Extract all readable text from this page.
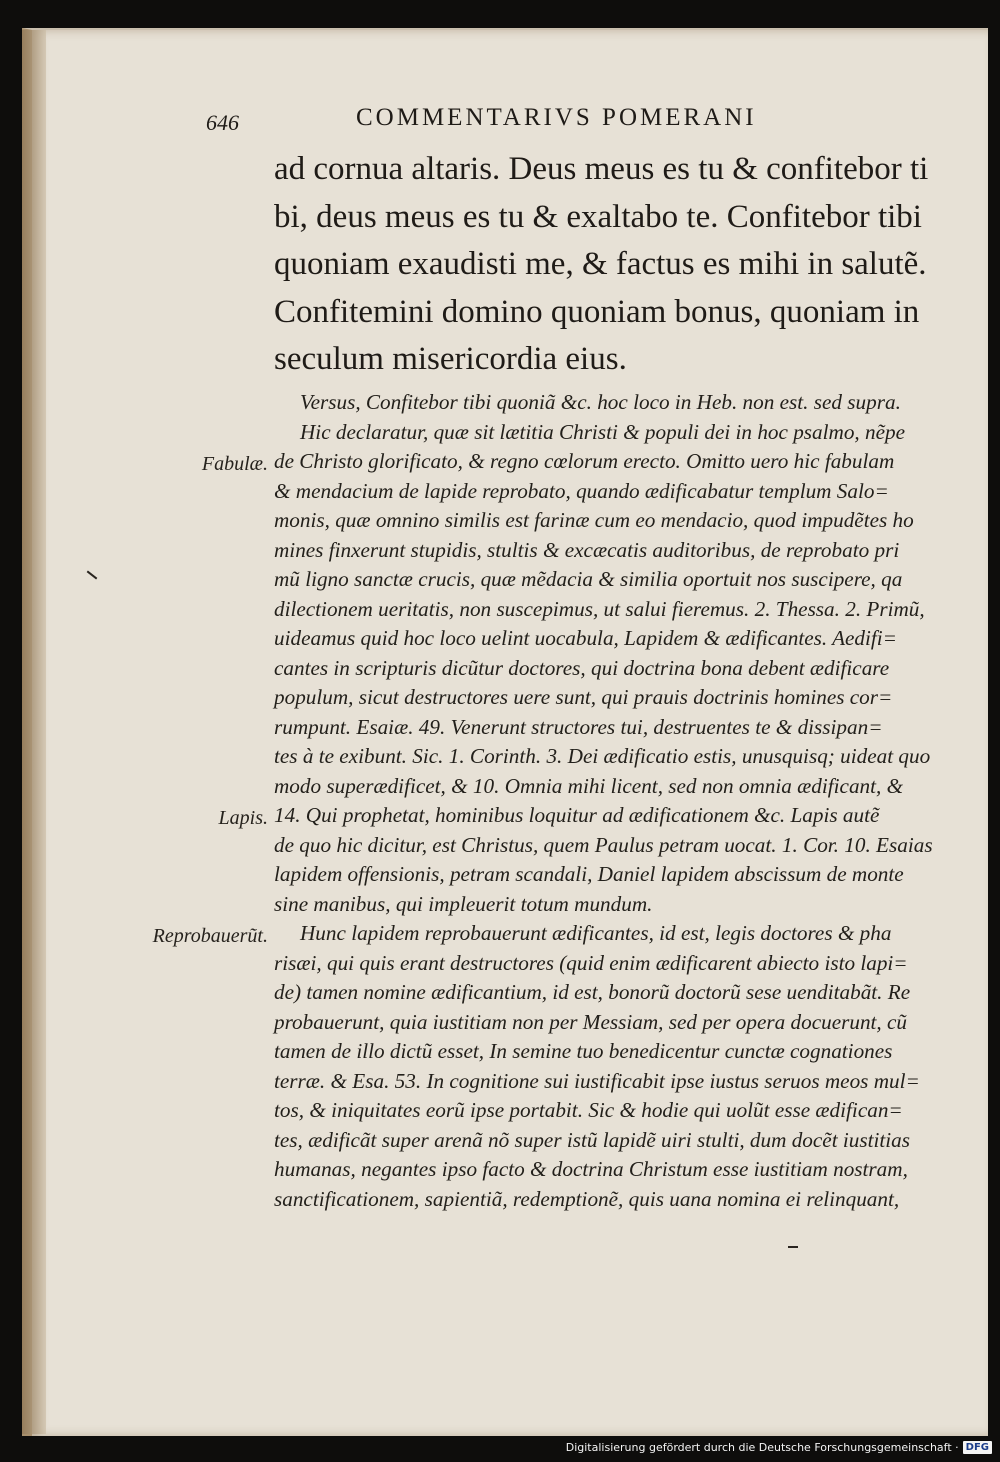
646	COMMENTARIVS POMERANI
ad cornua altaris. Deus meus es tu & confitebor ti
bi, deus meus es tu & exaltabo te. Confitebor tibi
quoniam exaudisti me, & factus es mihi in salutẽ.
Confitemini domino quoniam bonus, quoniam in
seculum misericordia eius.
Versus, Confitebor tibi quoniã &c. hoc loco in Heb. non est. sed supra.
Hic declaratur, quæ sit lætitia Christi & populi dei in hoc psalmo, nẽpe
de Christo glorificato, & regno cœlorum erecto. Omitto uero hic fabulam
& mendacium de lapide reprobato, quando ædificabatur templum Salo=
monis, quæ omnino similis est farinæ cum eo mendacio, quod impudẽtes ho
mines finxerunt stupidis, stultis & excæcatis auditoribus, de reprobato pri
mũ ligno sanctæ crucis, quæ mẽdacia & similia oportuit nos suscipere, qa
dilectionem ueritatis, non suscepimus, ut salui fieremus. 2. Thessa. 2. Primũ,
uideamus quid hoc loco uelint uocabula, Lapidem & ædificantes. Aedifi=
cantes in scripturis dicũtur doctores, qui doctrina bona debent ædificare
populum, sicut destructores uere sunt, qui prauis doctrinis homines cor=
rumpunt. Esaiæ. 49. Venerunt structores tui, destruentes te & dissipan=
tes à te exibunt. Sic. 1. Corinth. 3. Dei ædificatio estis, unusquisq; uideat quo
modo superædificet, & 10. Omnia mihi licent, sed non omnia ædificant, &
14. Qui prophetat, hominibus loquitur ad ædificationem &c. Lapis autẽ
de quo hic dicitur, est Christus, quem Paulus petram uocat. 1. Cor. 10. Esaias
lapidem offensionis, petram scandali, Daniel lapidem abscissum de monte
sine manibus, qui impleuerit totum mundum.
Hunc lapidem reprobauerunt ædificantes, id est, legis doctores & pha
risæi, qui quis erant destructores (quid enim ædificarent abiecto isto lapi=
de) tamen nomine ædificantium, id est, bonorũ doctorũ sese uenditabãt. Re
probauerunt, quia iustitiam non per Messiam, sed per opera docuerunt, cũ
tamen de illo dictũ esset, In semine tuo benedicentur cunctæ cognationes
terræ. & Esa. 53. In cognitione sui iustificabit ipse iustus seruos meos mul=
tos, & iniquitates eorũ ipse portabit. Sic & hodie qui uolũt esse ædifican=
tes, ædificãt super arenã nõ super istũ lapidẽ uiri stulti, dum docẽt iustitias
humanas, negantes ipso facto & doctrina Christum esse iustitiam nostram,
sanctificationem, sapientiã, redemptionẽ, quis uana nomina ei relinquant,
Fabulæ.
Lapis.
Reprobauerũt.
Digitalisierung gefördert durch die Deutsche Forschungsgemeinschaft · DFG
